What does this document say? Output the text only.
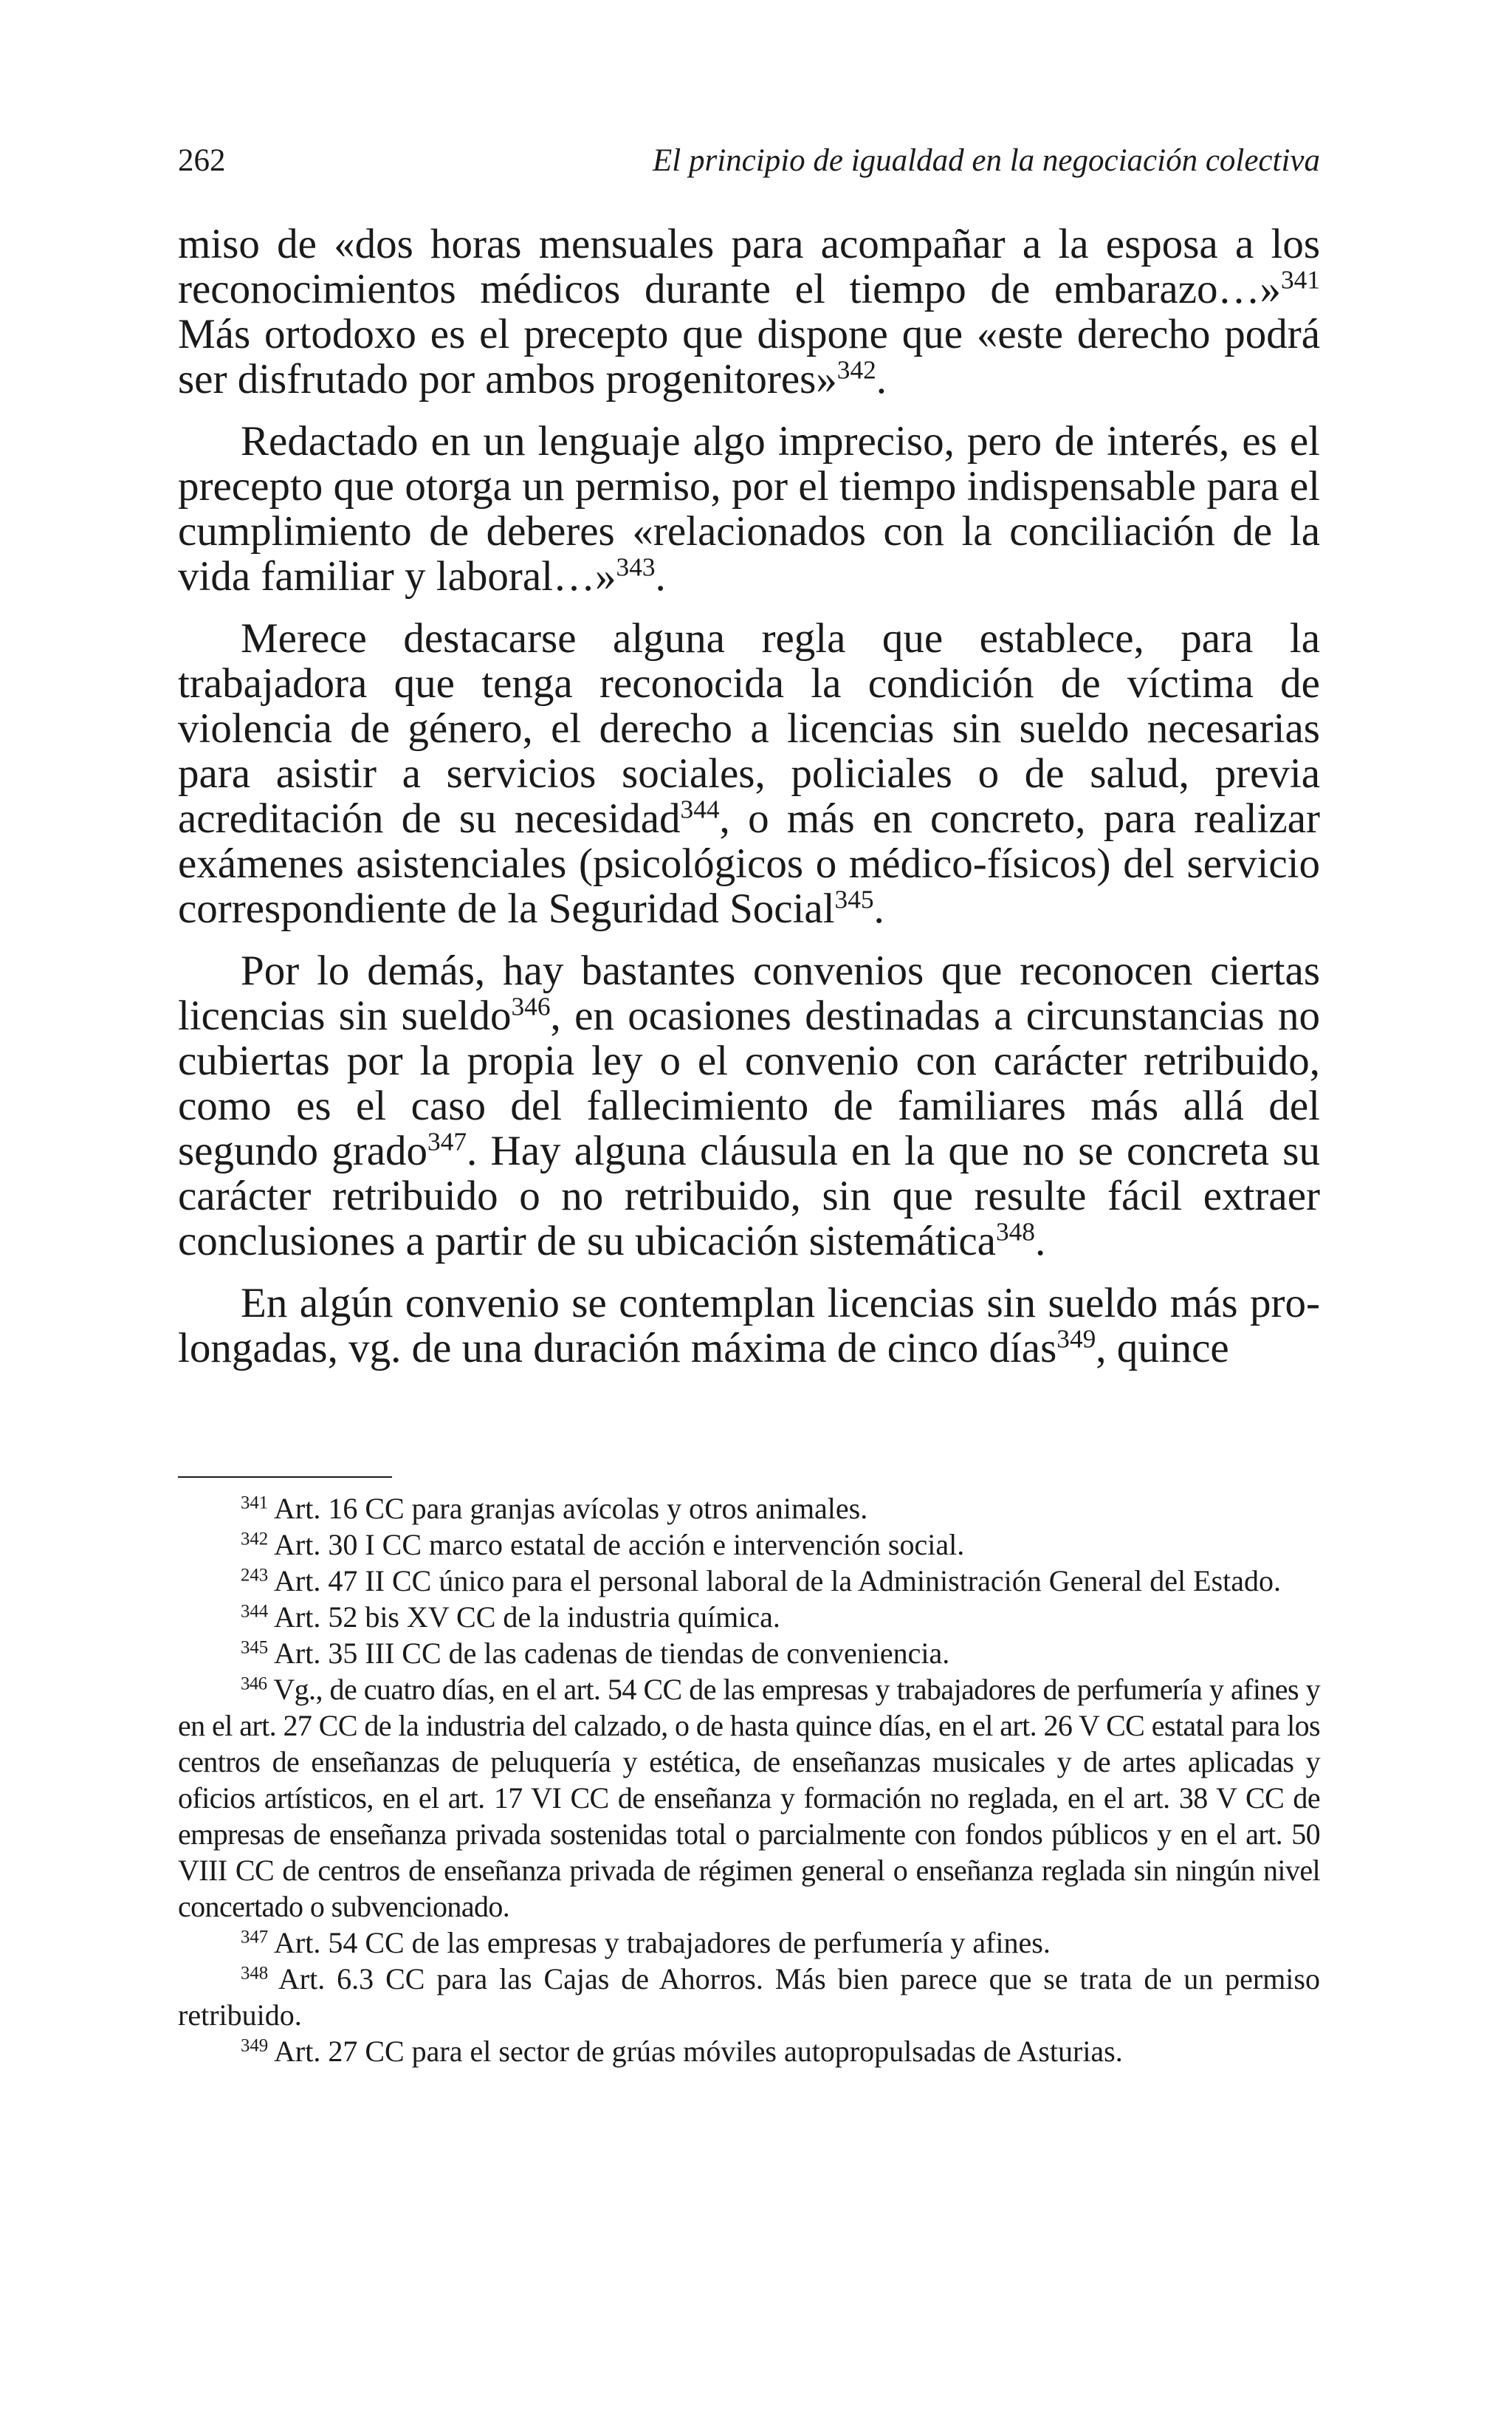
262	El principio de igualdad en la negociación colectiva

miso de «dos horas mensuales para acompañar a la esposa a los reconocimientos médicos durante el tiempo de embarazo…»$^{341}$ Más ortodoxo es el precepto que dispone que «este derecho podrá ser disfrutado por ambos progenitores»$^{342}$.

Redactado en un lenguaje algo impreciso, pero de interés, es el precepto que otorga un permiso, por el tiempo indispensable para el cumplimiento de deberes «relacionados con la conciliación de la vida familiar y laboral…»$^{343}$.

Merece destacarse alguna regla que establece, para la trabajadora que tenga reconocida la condición de víctima de violencia de género, el derecho a licencias sin sueldo necesarias para asistir a servicios sociales, policiales o de salud, previa acreditación de su necesidad$^{344}$, o más en concreto, para realizar exámenes asistenciales (psicológicos o médico-físicos) del servicio correspondiente de la Seguridad Social$^{345}$.

Por lo demás, hay bastantes convenios que reconocen ciertas licencias sin sueldo$^{346}$, en ocasiones destinadas a circunstancias no cubiertas por la propia ley o el convenio con carácter retribuido, como es el caso del fallecimiento de familiares más allá del segundo grado$^{347}$. Hay alguna cláusula en la que no se concreta su carácter retribuido o no retribuido, sin que resulte fácil extraer conclusiones a partir de su ubicación sistemática$^{348}$.

En algún convenio se contemplan licencias sin sueldo más prolongadas, vg. de una duración máxima de cinco días$^{349}$, quince

$^{341}$ Art. 16 CC para granjas avícolas y otros animales.

$^{342}$ Art. 30 I CC marco estatal de acción e intervención social.

$^{243}$ Art. 47 II CC único para el personal laboral de la Administración General del Estado.

$^{344}$ Art. 52 bis XV CC de la industria química.

$^{345}$ Art. 35 III CC de las cadenas de tiendas de conveniencia.

$^{346}$ Vg., de cuatro días, en el art. 54 CC de las empresas y trabajadores de perfumería y afines y en el art. 27 CC de la industria del calzado, o de hasta quince días, en el art. 26 V CC estatal para los centros de enseñanzas de peluquería y estética, de enseñanzas musicales y de artes aplicadas y oficios artísticos, en el art. 17 VI CC de enseñanza y formación no reglada, en el art. 38 V CC de empresas de enseñanza privada sostenidas total o parcialmente con fondos públicos y en el art. 50 VIII CC de centros de enseñanza privada de régimen general o enseñanza reglada sin ningún nivel concertado o subvencionado.

$^{347}$ Art. 54 CC de las empresas y trabajadores de perfumería y afines.

$^{348}$ Art. 6.3 CC para las Cajas de Ahorros. Más bien parece que se trata de un permiso retribuido.

$^{349}$ Art. 27 CC para el sector de grúas móviles autopropulsadas de Asturias.
